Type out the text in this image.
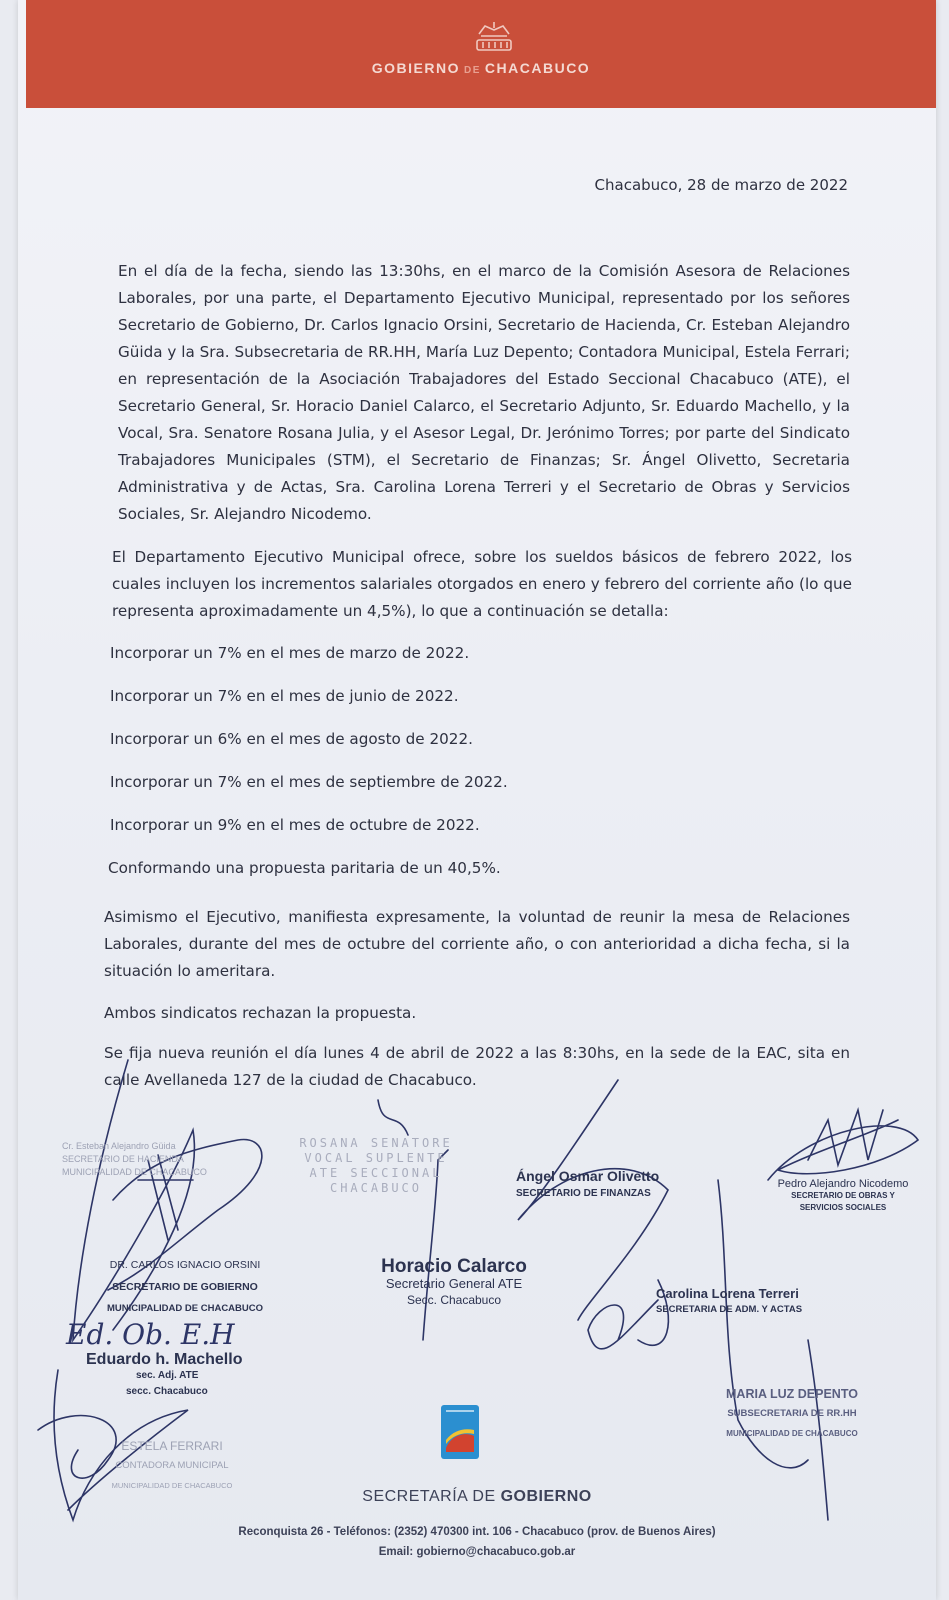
GOBIERNO DE CHACABUCO
Chacabuco, 28 de marzo de 2022
En el día de la fecha, siendo las 13:30hs, en el marco de la Comisión Asesora de Relaciones Laborales, por una parte, el Departamento Ejecutivo Municipal, representado por los señores Secretario de Gobierno, Dr. Carlos Ignacio Orsini, Secretario de Hacienda, Cr. Esteban Alejandro Güida y la Sra. Subsecretaria de RR.HH, María Luz Depento; Contadora Municipal, Estela Ferrari; en representación de la Asociación Trabajadores del Estado Seccional Chacabuco (ATE), el Secretario General, Sr. Horacio Daniel Calarco, el Secretario Adjunto, Sr. Eduardo Machello, y la Vocal, Sra. Senatore Rosana Julia, y el Asesor Legal, Dr. Jerónimo Torres; por parte del Sindicato Trabajadores Municipales (STM), el Secretario de Finanzas; Sr. Ángel Olivetto, Secretaria Administrativa y de Actas, Sra. Carolina Lorena Terreri y el Secretario de Obras y Servicios Sociales, Sr. Alejandro Nicodemo.
El Departamento Ejecutivo Municipal ofrece, sobre los sueldos básicos de febrero 2022, los cuales incluyen los incrementos salariales otorgados en enero y febrero del corriente año (lo que representa aproximadamente un 4,5%), lo que a continuación se detalla:
Incorporar un 7% en el mes de marzo de 2022.
Incorporar un 7% en el mes de junio de 2022.
Incorporar un 6% en el mes de agosto de 2022.
Incorporar un 7% en el mes de septiembre de 2022.
Incorporar un 9% en el mes de octubre de 2022.
Conformando una propuesta paritaria de un 40,5%.
Asimismo el Ejecutivo, manifiesta expresamente, la voluntad de reunir la mesa de Relaciones Laborales, durante del mes de octubre del corriente año, o con anterioridad a dicha fecha, si la situación lo ameritara.
Ambos sindicatos rechazan la propuesta.
Se fija nueva reunión el día lunes 4 de abril de 2022 a las 8:30hs, en la sede de la EAC, sita en calle Avellaneda 127 de la ciudad de Chacabuco.
Cr. Esteban Alejandro Güida
SECRETARIO DE HACIENDA
MUNICIPALIDAD DE CHACABUCO
ROSANA SENATORE
VOCAL SUPLENTE
ATE SECCIONAL
CHACABUCO
Ángel Osmar Olivetto
SECRETARIO DE FINANZAS
Pedro Alejandro Nicodemo
SECRETARIO DE OBRAS Y
SERVICIOS SOCIALES
DR. CARLOS IGNACIO ORSINI
SECRETARIO DE GOBIERNO
MUNICIPALIDAD DE CHACABUCO
Horacio Calarco
Secretario General ATE
Secc. Chacabuco	Carolina Lorena Terreri
SECRETARIA DE ADM. Y ACTAS
Ed. Ob. E.H
Eduardo h. Machello
sec. Adj. ATE
secc. Chacabuco	MARIA LUZ DEPENTO
SUBSECRETARIA DE RR.HH
MUNICIPALIDAD DE CHACABUCO
ESTELA FERRARI
CONTADORA MUNICIPAL
MUNICIPALIDAD DE CHACABUCO
SECRETARÍA DE GOBIERNO
Reconquista 26 - Teléfonos: (2352) 470300 int. 106 - Chacabuco (prov. de Buenos Aires)
Email: gobierno@chacabuco.gob.ar
